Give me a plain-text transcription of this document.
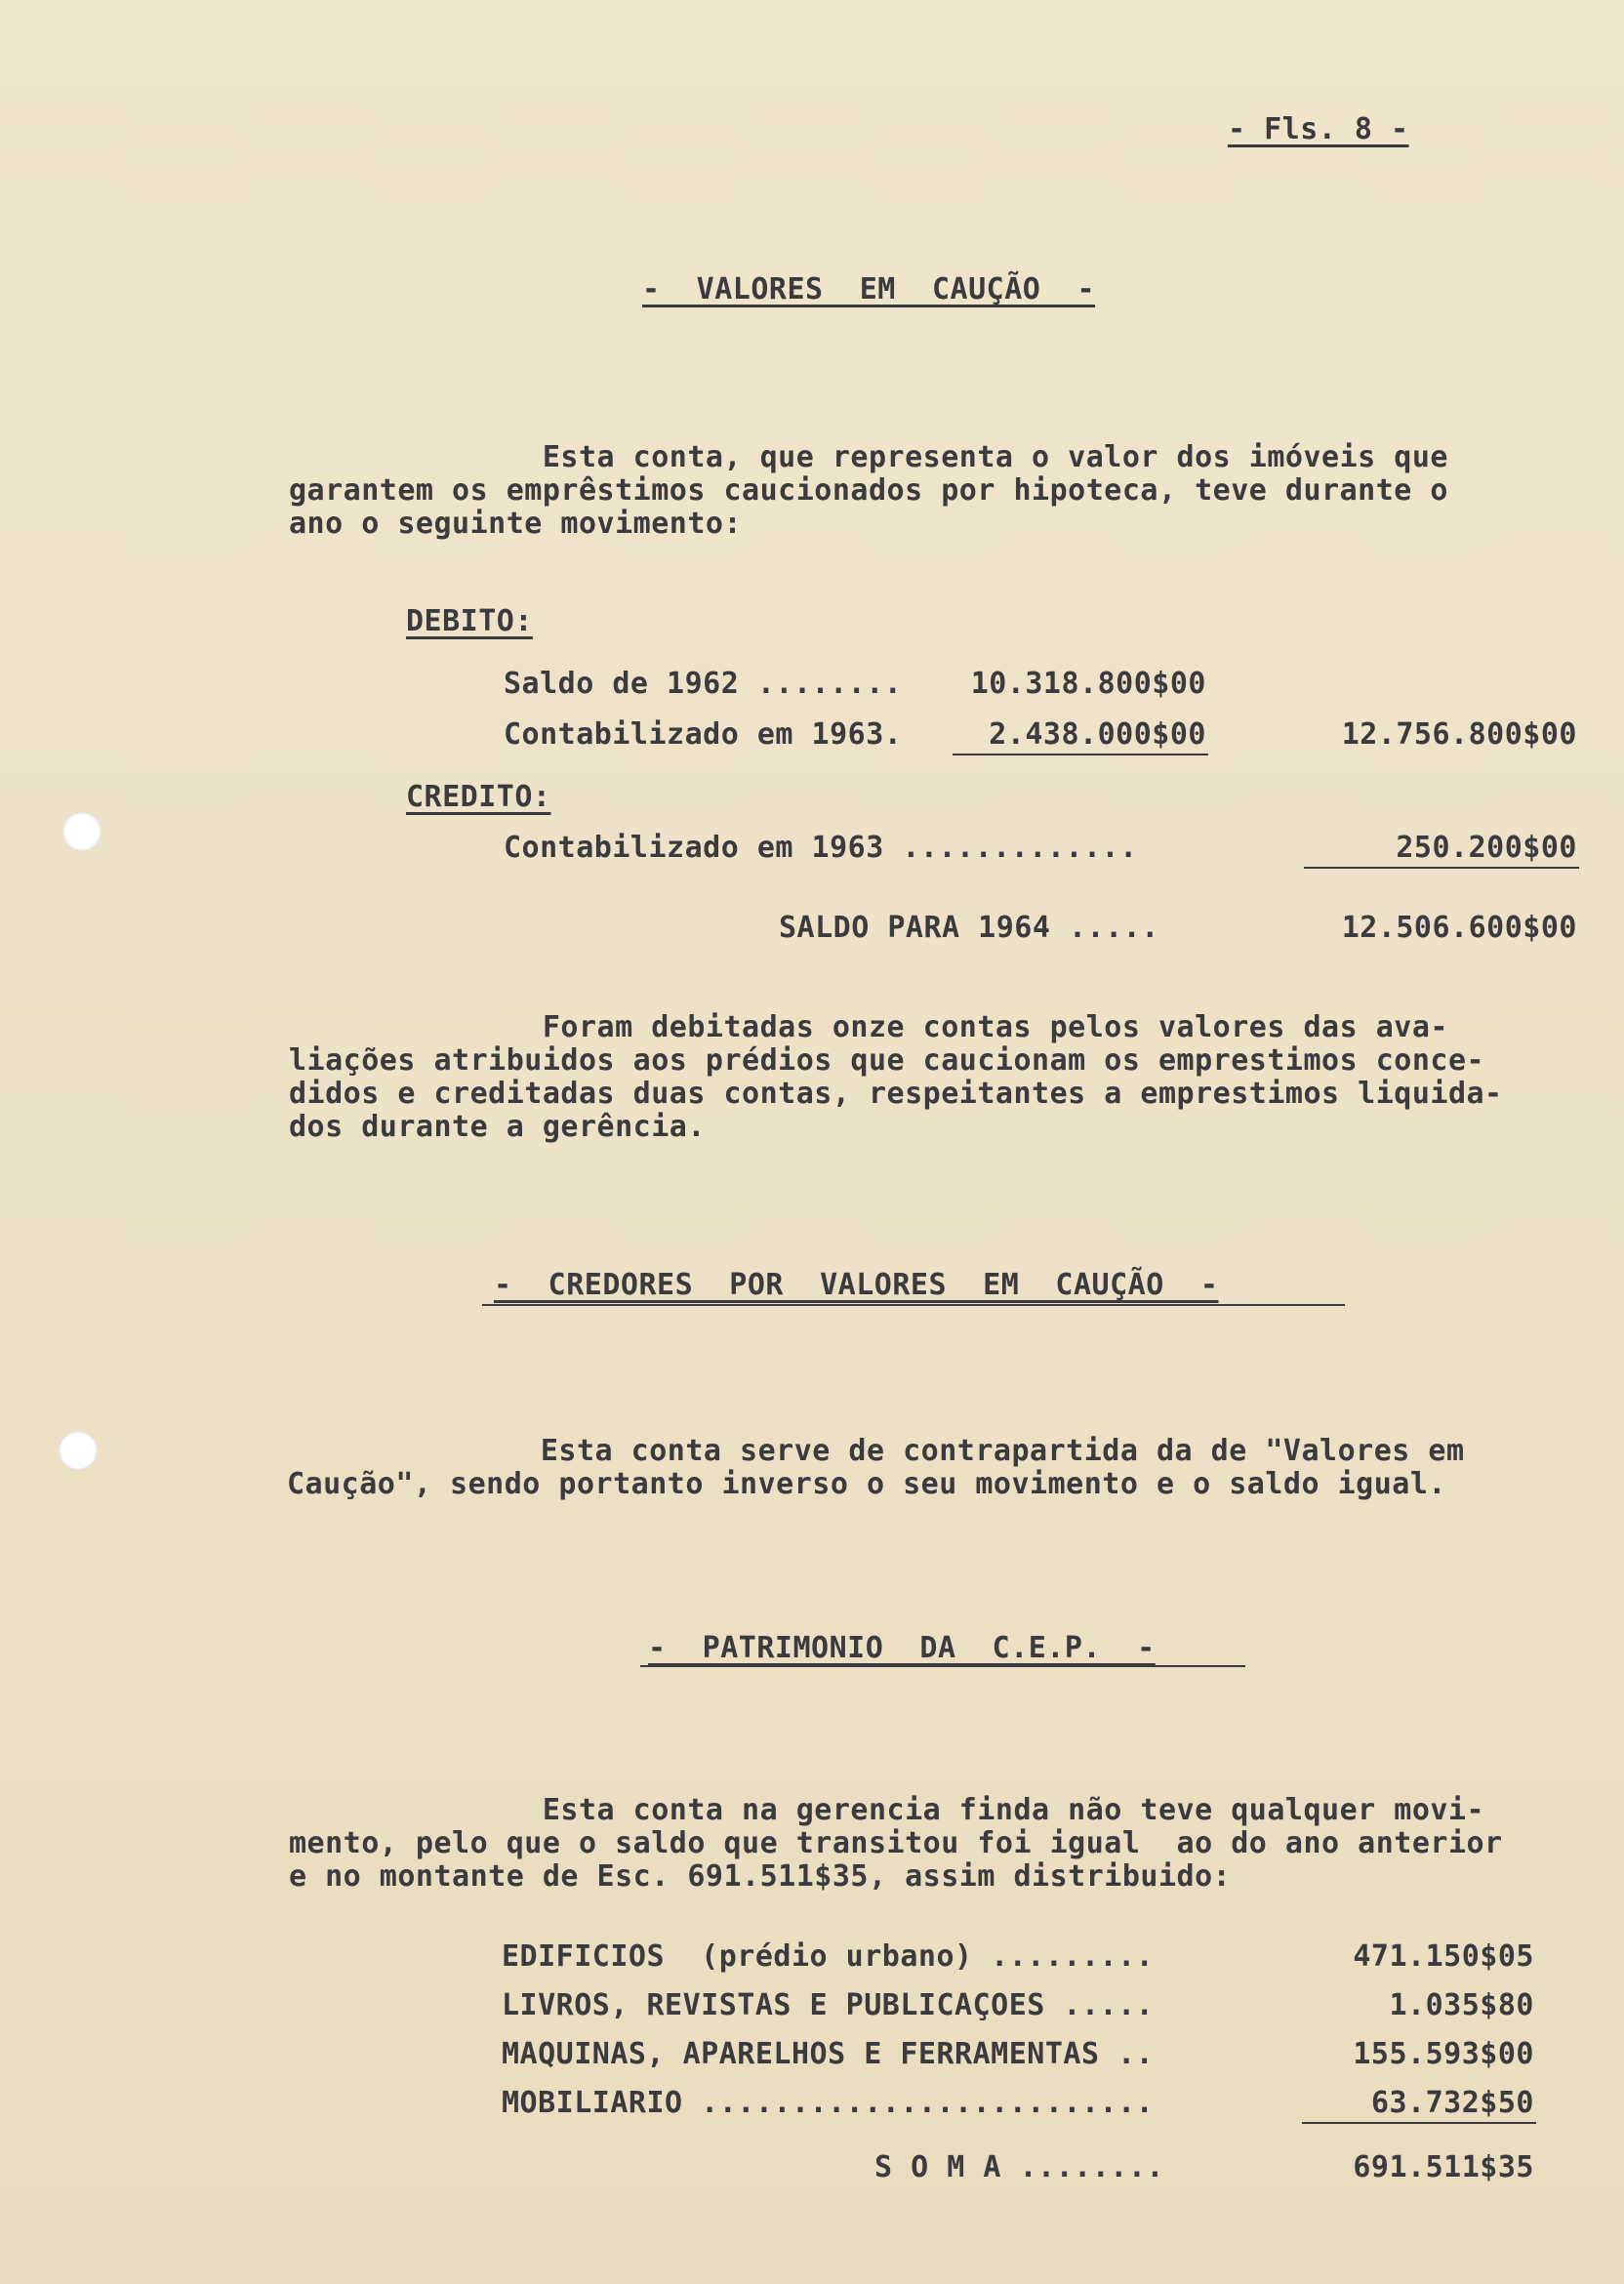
- Fls. 8 -
-  VALORES  EM  CAUÇÃO  -
Esta conta, que representa o valor dos imóveis que
garantem os emprêstimos caucionados por hipoteca, teve durante o
ano o seguinte movimento:
DEBITO:
Saldo de 1962 ........	10.318.800$00
Contabilizado em 1963.	2.438.000$00	12.756.800$00
CREDITO:
Contabilizado em 1963 .............	250.200$00
SALDO PARA 1964 .....	12.506.600$00
Foram debitadas onze contas pelos valores das ava-
liações atribuidos aos prédios que caucionam os emprestimos conce-
didos e creditadas duas contas, respeitantes a emprestimos liquida-
dos durante a gerência.
-  CREDORES  POR  VALORES  EM  CAUÇÃO  -
Esta conta serve de contrapartida da de "Valores em
Caução", sendo portanto inverso o seu movimento e o saldo igual.
-  PATRIMONIO  DA  C.E.P.  -
Esta conta na gerencia finda não teve qualquer movi-
mento, pelo que o saldo que transitou foi igual  ao do ano anterior
e no montante de Esc. 691.511$35, assim distribuido:
EDIFICIOS  (prédio urbano) .........	471.150$05
LIVROS, REVISTAS E PUBLICAÇOES .....	1.035$80
MAQUINAS, APARELHOS E FERRAMENTAS ..	155.593$00
MOBILIARIO .........................	63.732$50
S O M A ........	691.511$35
